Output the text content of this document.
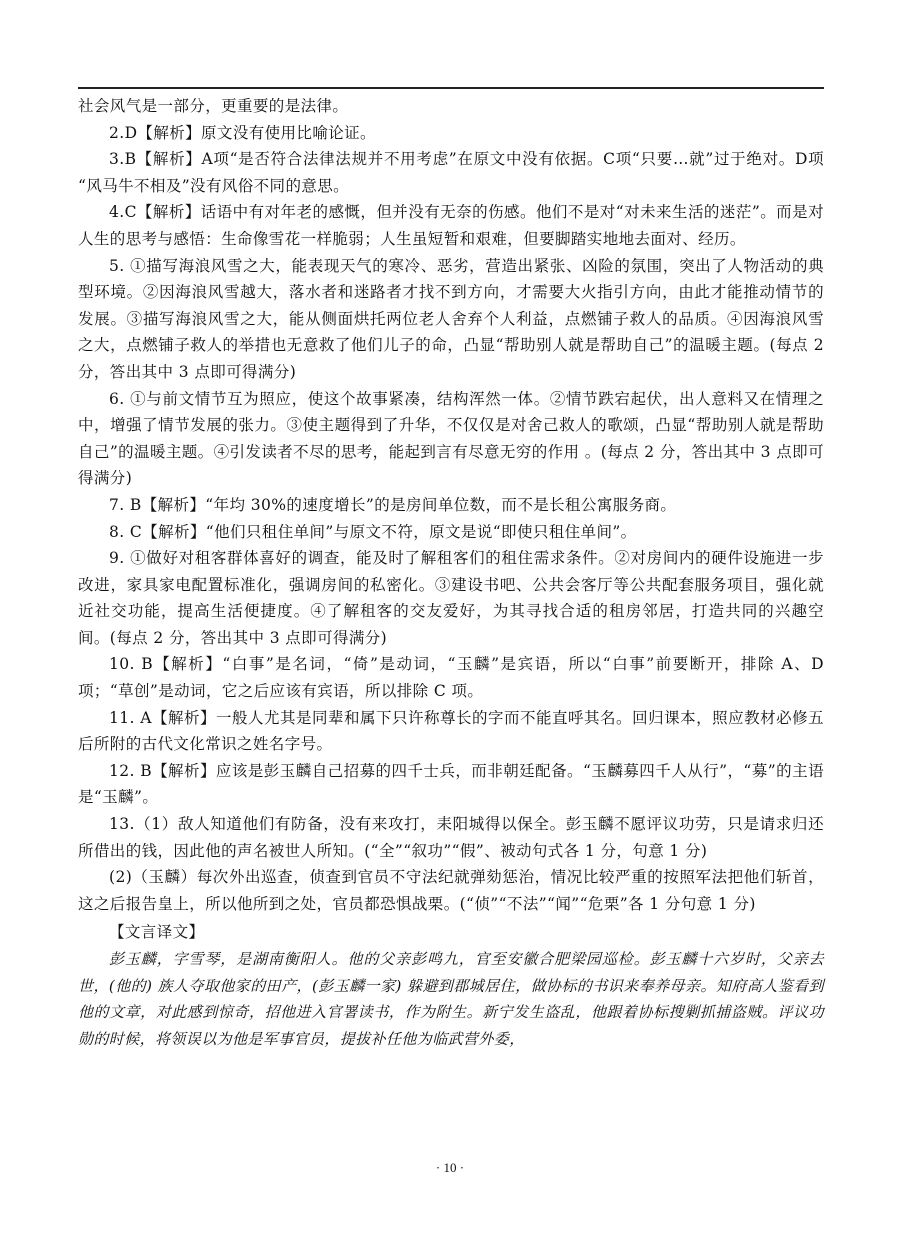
社会风气是一部分，更重要的是法律。

2.D【解析】原文没有使用比喻论证。

3.B【解析】A项“是否符合法律法规并不用考虑”在原文中没有依据。C项“只要…就”过于绝对。D项 “风马牛不相及”没有风俗不同的意思。

4.C【解析】话语中有对年老的感慨，但并没有无奈的伤感。他们不是对“对未来生活的迷茫”。而是对人生的思考与感悟：生命像雪花一样脆弱；人生虽短暂和艰难，但要脚踏实地地去面对、经历。

5. ①描写海浪风雪之大，能表现天气的寒冷、恶劣，营造出紧张、凶险的氛围，突出了人物活动的典型环境。②因海浪风雪越大，落水者和迷路者才找不到方向，才需要大火指引方向，由此才能推动情节的发展。③描写海浪风雪之大，能从侧面烘托两位老人舍弃个人利益，点燃铺子救人的品质。④因海浪风雪之大，点燃铺子救人的举措也无意救了他们儿子的命，凸显“帮助别人就是帮助自己”的温暖主题。(每点 2 分，答出其中 3 点即可得满分)

6. ①与前文情节互为照应，使这个故事紧凑，结构浑然一体。②情节跌宕起伏，出人意料又在情理之中，增强了情节发展的张力。③使主题得到了升华，不仅仅是对舍己救人的歌颂，凸显“帮助别人就是帮助自己”的温暖主题。④引发读者不尽的思考，能起到言有尽意无穷的作用 。(每点 2 分，答出其中 3 点即可得满分)

7. B【解析】“年均 30%的速度增长”的是房间单位数，而不是长租公寓服务商。

8. C【解析】“他们只租住单间”与原文不符，原文是说“即使只租住单间”。

9. ①做好对租客群体喜好的调查，能及时了解租客们的租住需求条件。②对房间内的硬件设施进一步改进，家具家电配置标准化，强调房间的私密化。③建设书吧、公共会客厅等公共配套服务项目，强化就近社交功能，提高生活便捷度。④了解租客的交友爱好，为其寻找合适的租房邻居，打造共同的兴趣空间。(每点 2 分，答出其中 3 点即可得满分)

10. B【解析】“白事”是名词，“倚”是动词，“玉麟”是宾语，所以“白事”前要断开，排除 A、D 项；“草创”是动词，它之后应该有宾语，所以排除 C 项。

11. A【解析】一般人尤其是同辈和属下只许称尊长的字而不能直呼其名。回归课本，照应教材必修五后所附的古代文化常识之姓名字号。

12. B【解析】应该是彭玉麟自己招募的四千士兵，而非朝廷配备。“玉麟募四千人从行”，“募”的主语是“玉麟”。

13.（1）敌人知道他们有防备，没有来攻打，耒阳城得以保全。彭玉麟不愿评议功劳，只是请求归还所借出的钱，因此他的声名被世人所知。(“全”“叙功”“假”、被动句式各 1 分，句意 1 分)

(2)（玉麟）每次外出巡查，侦查到官员不守法纪就弹劾惩治，情况比较严重的按照军法把他们斩首，这之后报告皇上，所以他所到之处，官员都恐惧战栗。(“侦”“不法”“闻”“危栗”各 1 分句意 1 分)

【文言译文】

彭玉麟，字雪琴，是湖南衡阳人。他的父亲彭鸣九，官至安徽合肥梁园巡检。彭玉麟十六岁时，父亲去世，(他的) 族人夺取他家的田产，(彭玉麟一家) 躲避到郡城居住，做协标的书识来奉养母亲。知府高人鉴看到他的文章，对此感到惊奇，招他进入官署读书，作为附生。新宁发生盗乱，他跟着协标搜剿抓捕盗贼。评议功勋的时候，将领误以为他是军事官员，提拔补任他为临武营外委，

· 10 ·
